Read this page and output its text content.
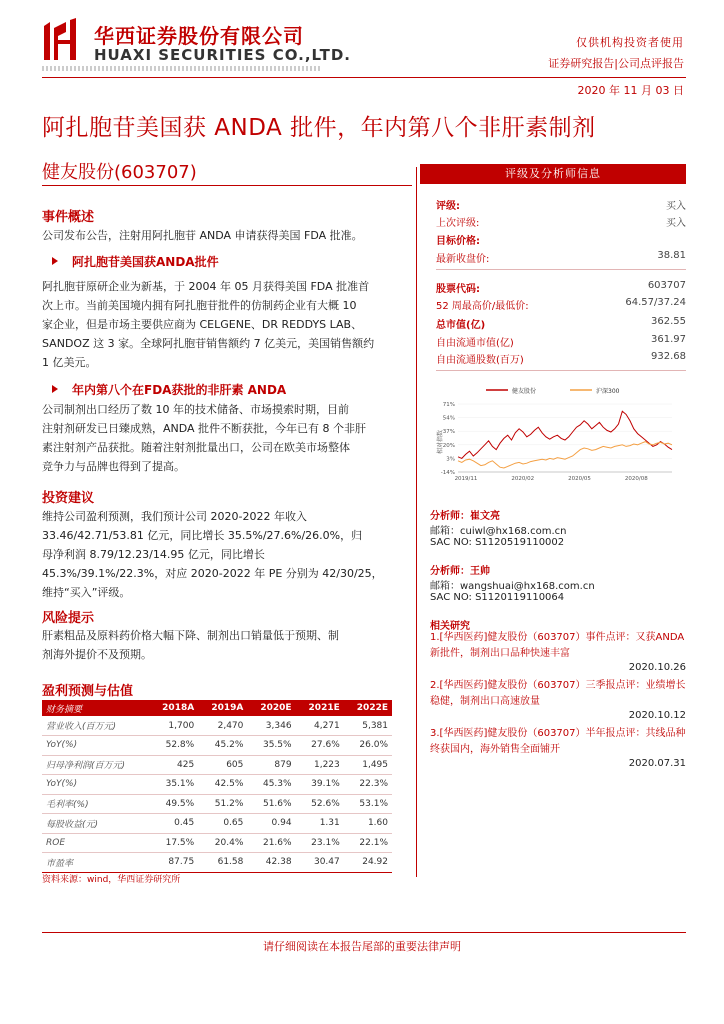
华西证券股份有限公司
HUAXI SECURITIES CO.,LTD.
仅供机构投资者使用
证券研究报告|公司点评报告
2020 年 11 月 03 日
阿扎胞苷美国获 ANDA 批件，年内第八个非肝素制剂
健友股份(603707)
事件概述
公司发布公告，注射用阿扎胞苷 ANDA 申请获得美国 FDA 批准。
阿扎胞苷美国获ANDA批件
阿扎胞苷原研企业为新基，于 2004 年 05 月获得美国 FDA 批准首
次上市。当前美国境内拥有阿扎胞苷批件的仿制药企业有大概 10
家企业，但是市场主要供应商为 CELGENE、DR REDDYS LAB、
SANDOZ 这 3 家。全球阿扎胞苷销售额约 7 亿美元，美国销售额约
1 亿美元。
年内第八个在FDA获批的非肝素 ANDA
公司制剂出口经历了数 10 年的技术储备、市场摸索时期，目前
注射剂研发已日臻成熟，ANDA 批件不断获批，今年已有 8 个非肝
素注射剂产品获批。随着注射剂批量出口，公司在欧美市场整体
竞争力与品牌也得到了提高。
投资建议
维持公司盈利预测，我们预计公司 2020-2022 年收入
33.46/42.71/53.81 亿元，同比增长 35.5%/27.6%/26.0%，归
母净利润 8.79/12.23/14.95 亿元，同比增长
45.3%/39.1%/22.3%，对应 2020-2022 年 PE 分别为 42/30/25，
维持“买入”评级。
风险提示
肝素粗品及原料药价格大幅下降、制剂出口销量低于预期、制
剂海外提价不及预期。
评级及分析师信息
健友股份	沪深300
相对指数
71%
54%
37%
20%
3%
-14%
2019/11	2020/02	2020/05	2020/08
分析师：崔文亮
邮箱：cuiwl@hx168.com.cn
SAC NO: S1120519110002
分析师：王帅
邮箱：wangshuai@hx168.com.cn
SAC NO: S1120119110064
相关研究
1.[华西医药]健友股份（603707）事件点评：又获ANDA新批件，制剂出口品种快速丰富
2020.10.26
2.[华西医药]健友股份（603707）三季报点评：业绩增长稳健，制剂出口高速放量
2020.10.12
3.[华西医药]健友股份（603707）半年报点评：共线品种终获国内，海外销售全面铺开
2020.07.31
盈利预测与估值
财务摘要	2018A	2019A	2020E	2021E	2022E
营业收入(百万元)	1,700	2,470	3,346	4,271	5,381
YoY(%)	52.8%	45.2%	35.5%	27.6%	26.0%
归母净利润(百万元)	425	605	879	1,223	1,495
YoY(%)	35.1%	42.5%	45.3%	39.1%	22.3%
毛利率(%)	49.5%	51.2%	51.6%	52.6%	53.1%
每股收益(元)	0.45	0.65	0.94	1.31	1.60
ROE	17.5%	20.4%	21.6%	23.1%	22.1%
市盈率	87.75	61.58	42.38	30.47	24.92
资料来源：wind，华西证券研究所
请仔细阅读在本报告尾部的重要法律声明
评级:	买入
上次评级:	买入
目标价格:
最新收盘价:	38.81
股票代码:	603707
52 周最高价/最低价:	64.57/37.24
总市值(亿)	362.55
自由流通市值(亿)	361.97
自由流通股数(百万)	932.68
